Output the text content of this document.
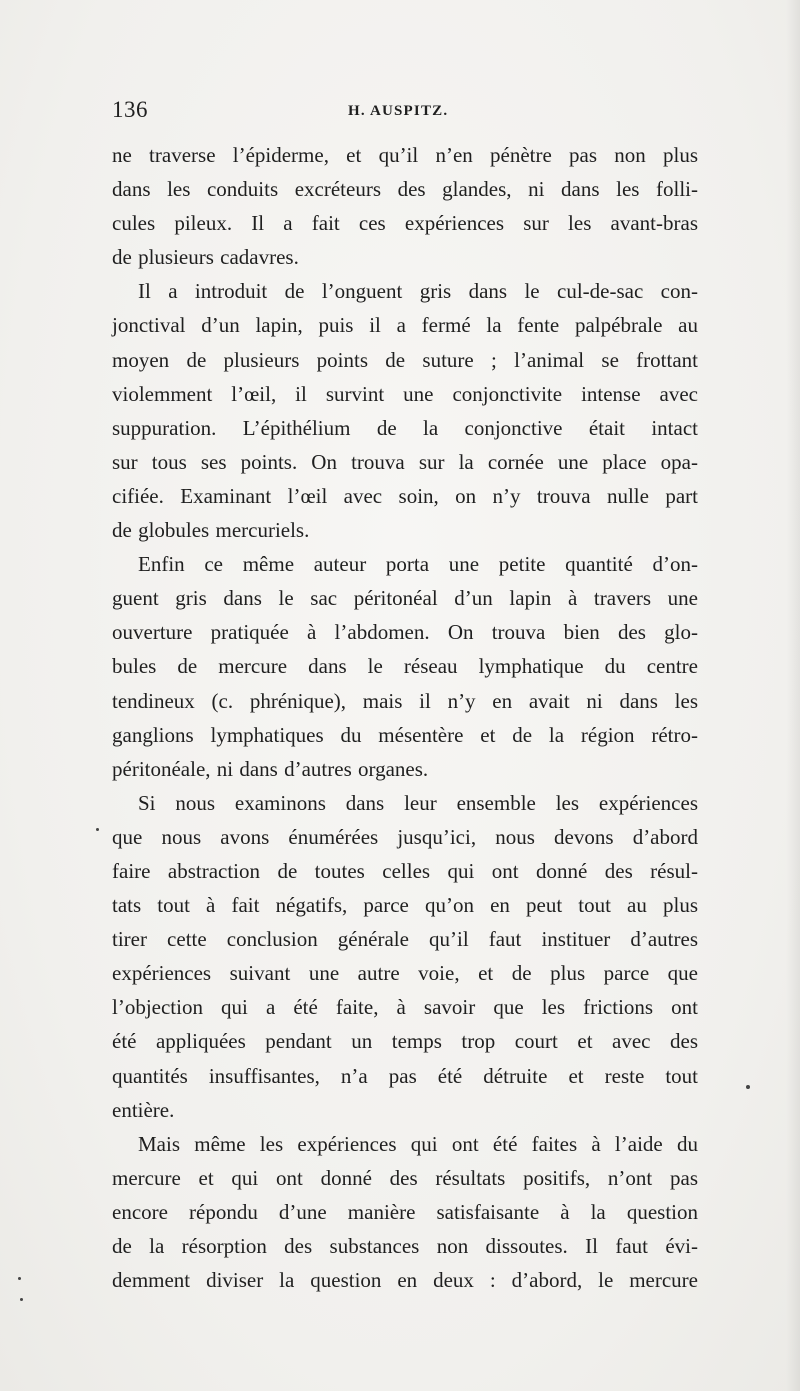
136	H. AUSPITZ.
ne traverse l’épiderme, et qu’il n’en pénètre pas non plus
dans les conduits excréteurs des glandes, ni dans les folli-
cules pileux. Il a fait ces expériences sur les avant-bras
de plusieurs cadavres.
Il a introduit de l’onguent gris dans le cul-de-sac con-
jonctival d’un lapin, puis il a fermé la fente palpébrale au
moyen de plusieurs points de suture ; l’animal se frottant
violemment l’œil, il survint une conjonctivite intense avec
suppuration. L’épithélium de la conjonctive était intact
sur tous ses points. On trouva sur la cornée une place opa-
cifiée. Examinant l’œil avec soin, on n’y trouva nulle part
de globules mercuriels.
Enfin ce même auteur porta une petite quantité d’on-
guent gris dans le sac péritonéal d’un lapin à travers une
ouverture pratiquée à l’abdomen. On trouva bien des glo-
bules de mercure dans le réseau lymphatique du centre
tendineux (c. phrénique), mais il n’y en avait ni dans les
ganglions lymphatiques du mésentère et de la région rétro-
péritonéale, ni dans d’autres organes.
Si nous examinons dans leur ensemble les expériences
que nous avons énumérées jusqu’ici, nous devons d’abord
faire abstraction de toutes celles qui ont donné des résul-
tats tout à fait négatifs, parce qu’on en peut tout au plus
tirer cette conclusion générale qu’il faut instituer d’autres
expériences suivant une autre voie, et de plus parce que
l’objection qui a été faite, à savoir que les frictions ont
été appliquées pendant un temps trop court et avec des
quantités insuffisantes, n’a pas été détruite et reste tout
entière.
Mais même les expériences qui ont été faites à l’aide du
mercure et qui ont donné des résultats positifs, n’ont pas
encore répondu d’une manière satisfaisante à la question
de la résorption des substances non dissoutes. Il faut évi-
demment diviser la question en deux : d’abord, le mercure
